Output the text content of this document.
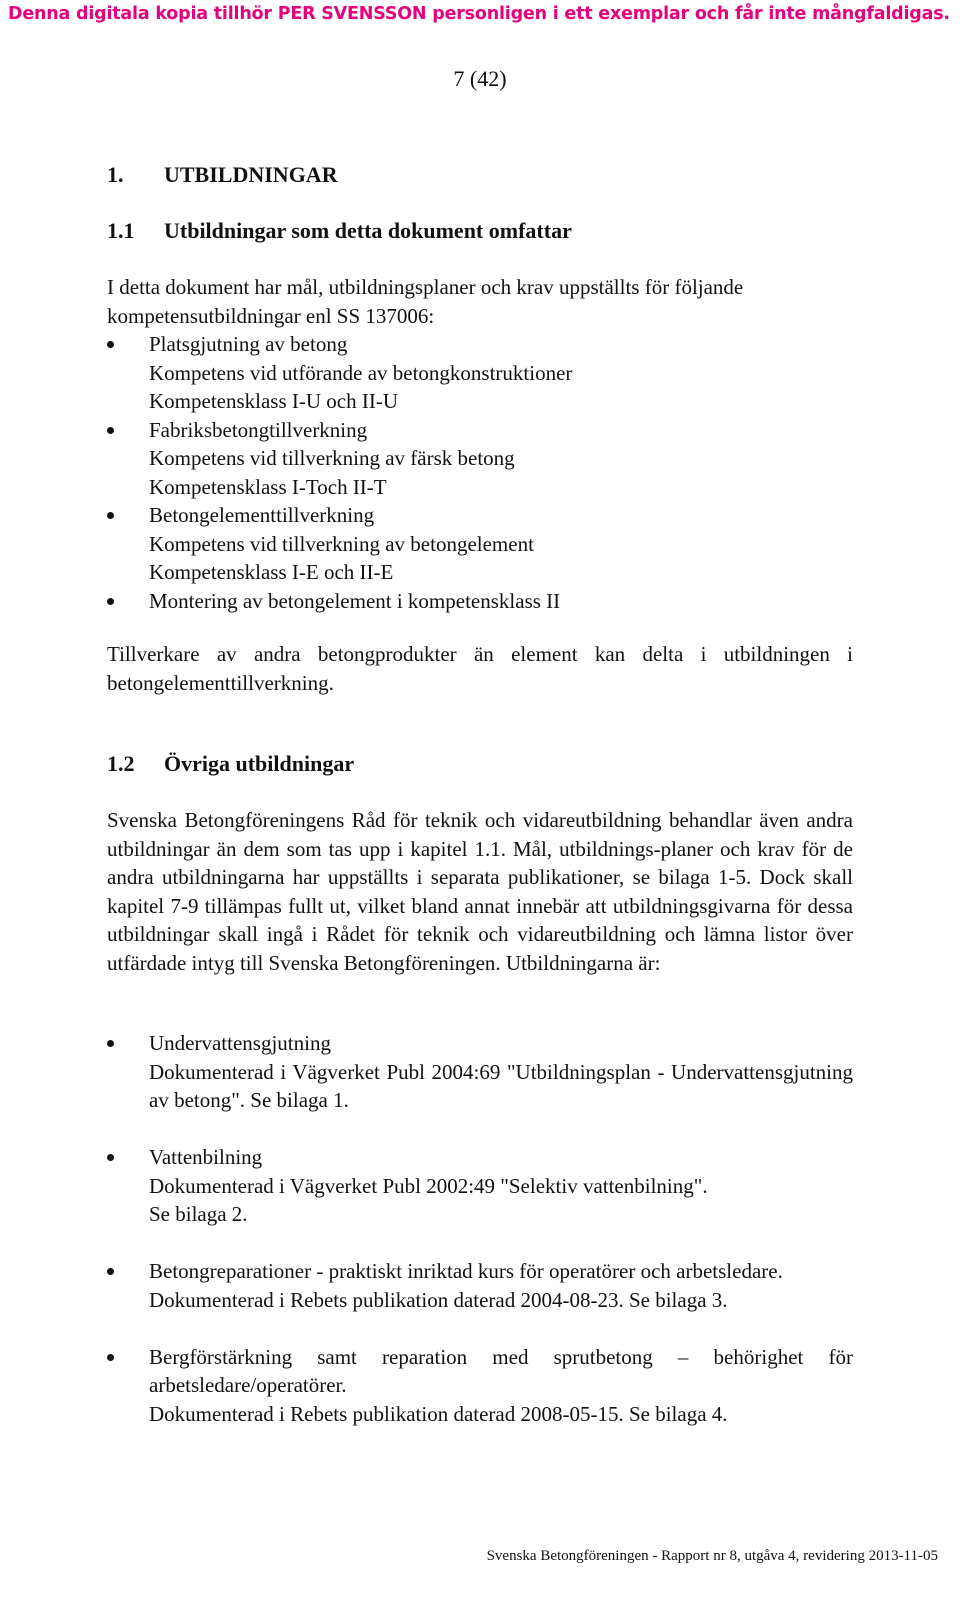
Denna digitala kopia tillhör PER SVENSSON personligen i ett exemplar och får inte mångfaldigas.
7 (42)
1.	UTBILDNINGAR
1.1	Utbildningar som detta dokument omfattar
I detta dokument har mål, utbildningsplaner och krav uppställts för följande kompetensutbildningar enl SS 137006:
Platsgjutning av betong
Kompetens vid utförande av betongkonstruktioner
Kompetensklass I-U och II-U
Fabriksbetongtillverkning
Kompetens vid tillverkning av färsk betong
Kompetensklass I-Toch II-T
Betongelementtillverkning
Kompetens vid tillverkning av betongelement
Kompetensklass I-E och II-E
Montering av betongelement i kompetensklass II
Tillverkare av andra betongprodukter än element kan delta i utbildningen i betongelementtillverkning.
1.2	Övriga utbildningar
Svenska Betongföreningens Råd för teknik och vidareutbildning behandlar även andra utbildningar än dem som tas upp i kapitel 1.1. Mål, utbildnings-planer och krav för de andra utbildningarna har uppställts i separata publikationer, se bilaga 1-5. Dock skall kapitel 7-9 tillämpas fullt ut, vilket bland annat innebär att utbildningsgivarna för dessa utbildningar skall ingå i Rådet för teknik och vidareutbildning och lämna listor över utfärdade intyg till Svenska Betongföreningen. Utbildningarna är:
Undervattensgjutning
Dokumenterad i Vägverket Publ 2004:69 "Utbildningsplan - Undervattensgjutning av betong". Se bilaga 1.
Vattenbilning
Dokumenterad i Vägverket Publ 2002:49 "Selektiv vattenbilning".
Se bilaga 2.
Betongreparationer - praktiskt inriktad kurs för operatörer och arbetsledare.
Dokumenterad i Rebets publikation daterad 2004-08-23. Se bilaga 3.
Bergförstärkning samt reparation med sprutbetong – behörighet för arbetsledare/operatörer.
Dokumenterad i Rebets publikation daterad 2008-05-15. Se bilaga 4.
Svenska Betongföreningen - Rapport nr 8, utgåva 4, revidering 2013-11-05
